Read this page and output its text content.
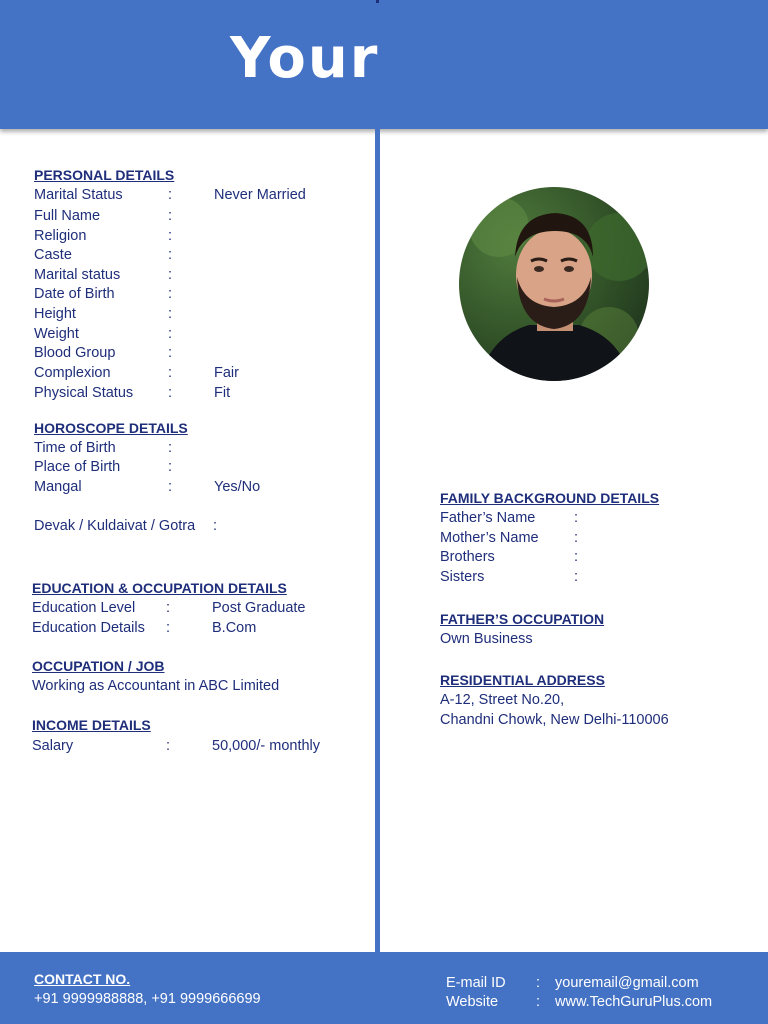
Your
PERSONAL DETAILS
Marital Status	:	Never Married
Full Name	:
Religion	:
Caste	:
Marital status	:
Date of Birth	:
Height	:
Weight	:
Blood Group	:
Complexion	:	Fair
Physical Status :	Fit
HOROSCOPE DETAILS
Time of Birth	:
Place of Birth	:
Mangal	:	Yes/No
Devak / Kuldaivat / Gotra :
EDUCATION & OCCUPATION DETAILS
Education Level :	Post Graduate
Education Details :	B.Com
OCCUPATION / JOB
Working as Accountant in ABC Limited
INCOME DETAILS
Salary	:	50,000/- monthly
FAMILY BACKGROUND DETAILS
Father’s Name	:
Mother’s Name :
Brothers	:
Sisters	:
FATHER’S OCCUPATION
Own Business
RESIDENTIAL ADDRESS
A-12, Street No.20,
Chandni Chowk, New Delhi-110006
CONTACT NO.
+91 9999988888, +91 9999666699
E-mail ID : youremail@gmail.com
Website	: www.TechGuruPlus.com
